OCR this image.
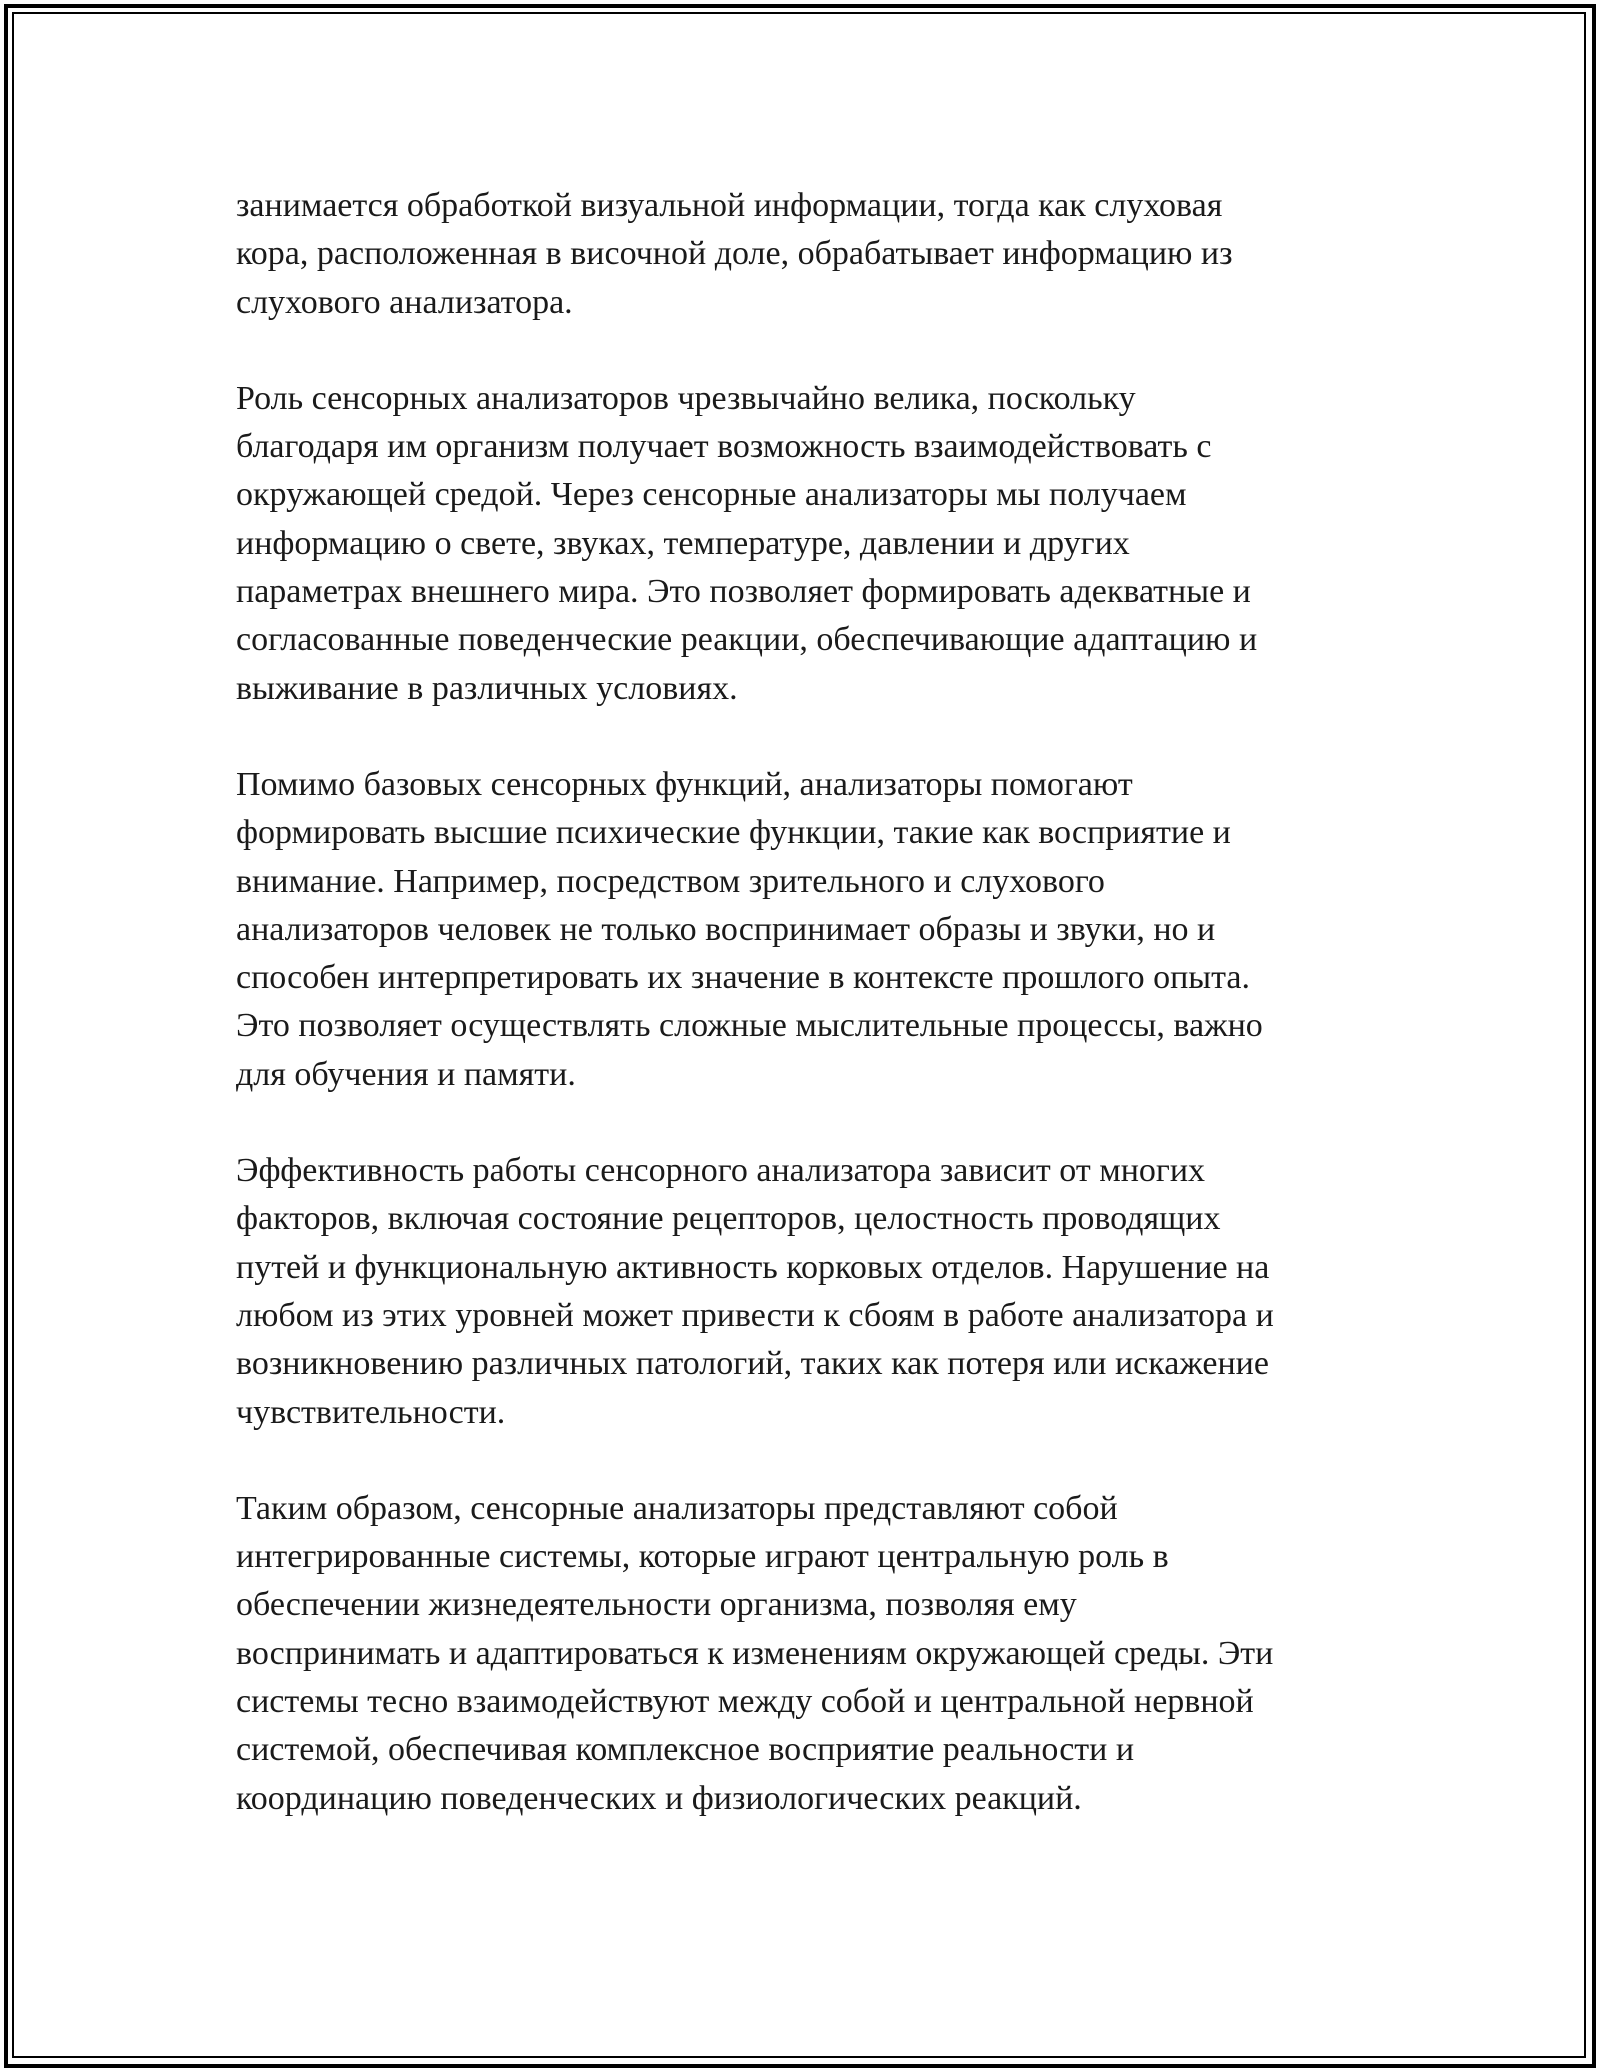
занимается обработкой визуальной информации, тогда как слуховая
кора, расположенная в височной доле, обрабатывает информацию из
слухового анализатора.

Роль сенсорных анализаторов чрезвычайно велика, поскольку
благодаря им организм получает возможность взаимодействовать с
окружающей средой. Через сенсорные анализаторы мы получаем
информацию о свете, звуках, температуре, давлении и других
параметрах внешнего мира. Это позволяет формировать адекватные и
согласованные поведенческие реакции, обеспечивающие адаптацию и
выживание в различных условиях.

Помимо базовых сенсорных функций, анализаторы помогают
формировать высшие психические функции, такие как восприятие и
внимание. Например, посредством зрительного и слухового
анализаторов человек не только воспринимает образы и звуки, но и
способен интерпретировать их значение в контексте прошлого опыта.
Это позволяет осуществлять сложные мыслительные процессы, важно
для обучения и памяти.

Эффективность работы сенсорного анализатора зависит от многих
факторов, включая состояние рецепторов, целостность проводящих
путей и функциональную активность корковых отделов. Нарушение на
любом из этих уровней может привести к сбоям в работе анализатора и
возникновению различных патологий, таких как потеря или искажение
чувствительности.

Таким образом, сенсорные анализаторы представляют собой
интегрированные системы, которые играют центральную роль в
обеспечении жизнедеятельности организма, позволяя ему
воспринимать и адаптироваться к изменениям окружающей среды. Эти
системы тесно взаимодействуют между собой и центральной нервной
системой, обеспечивая комплексное восприятие реальности и
координацию поведенческих и физиологических реакций.
